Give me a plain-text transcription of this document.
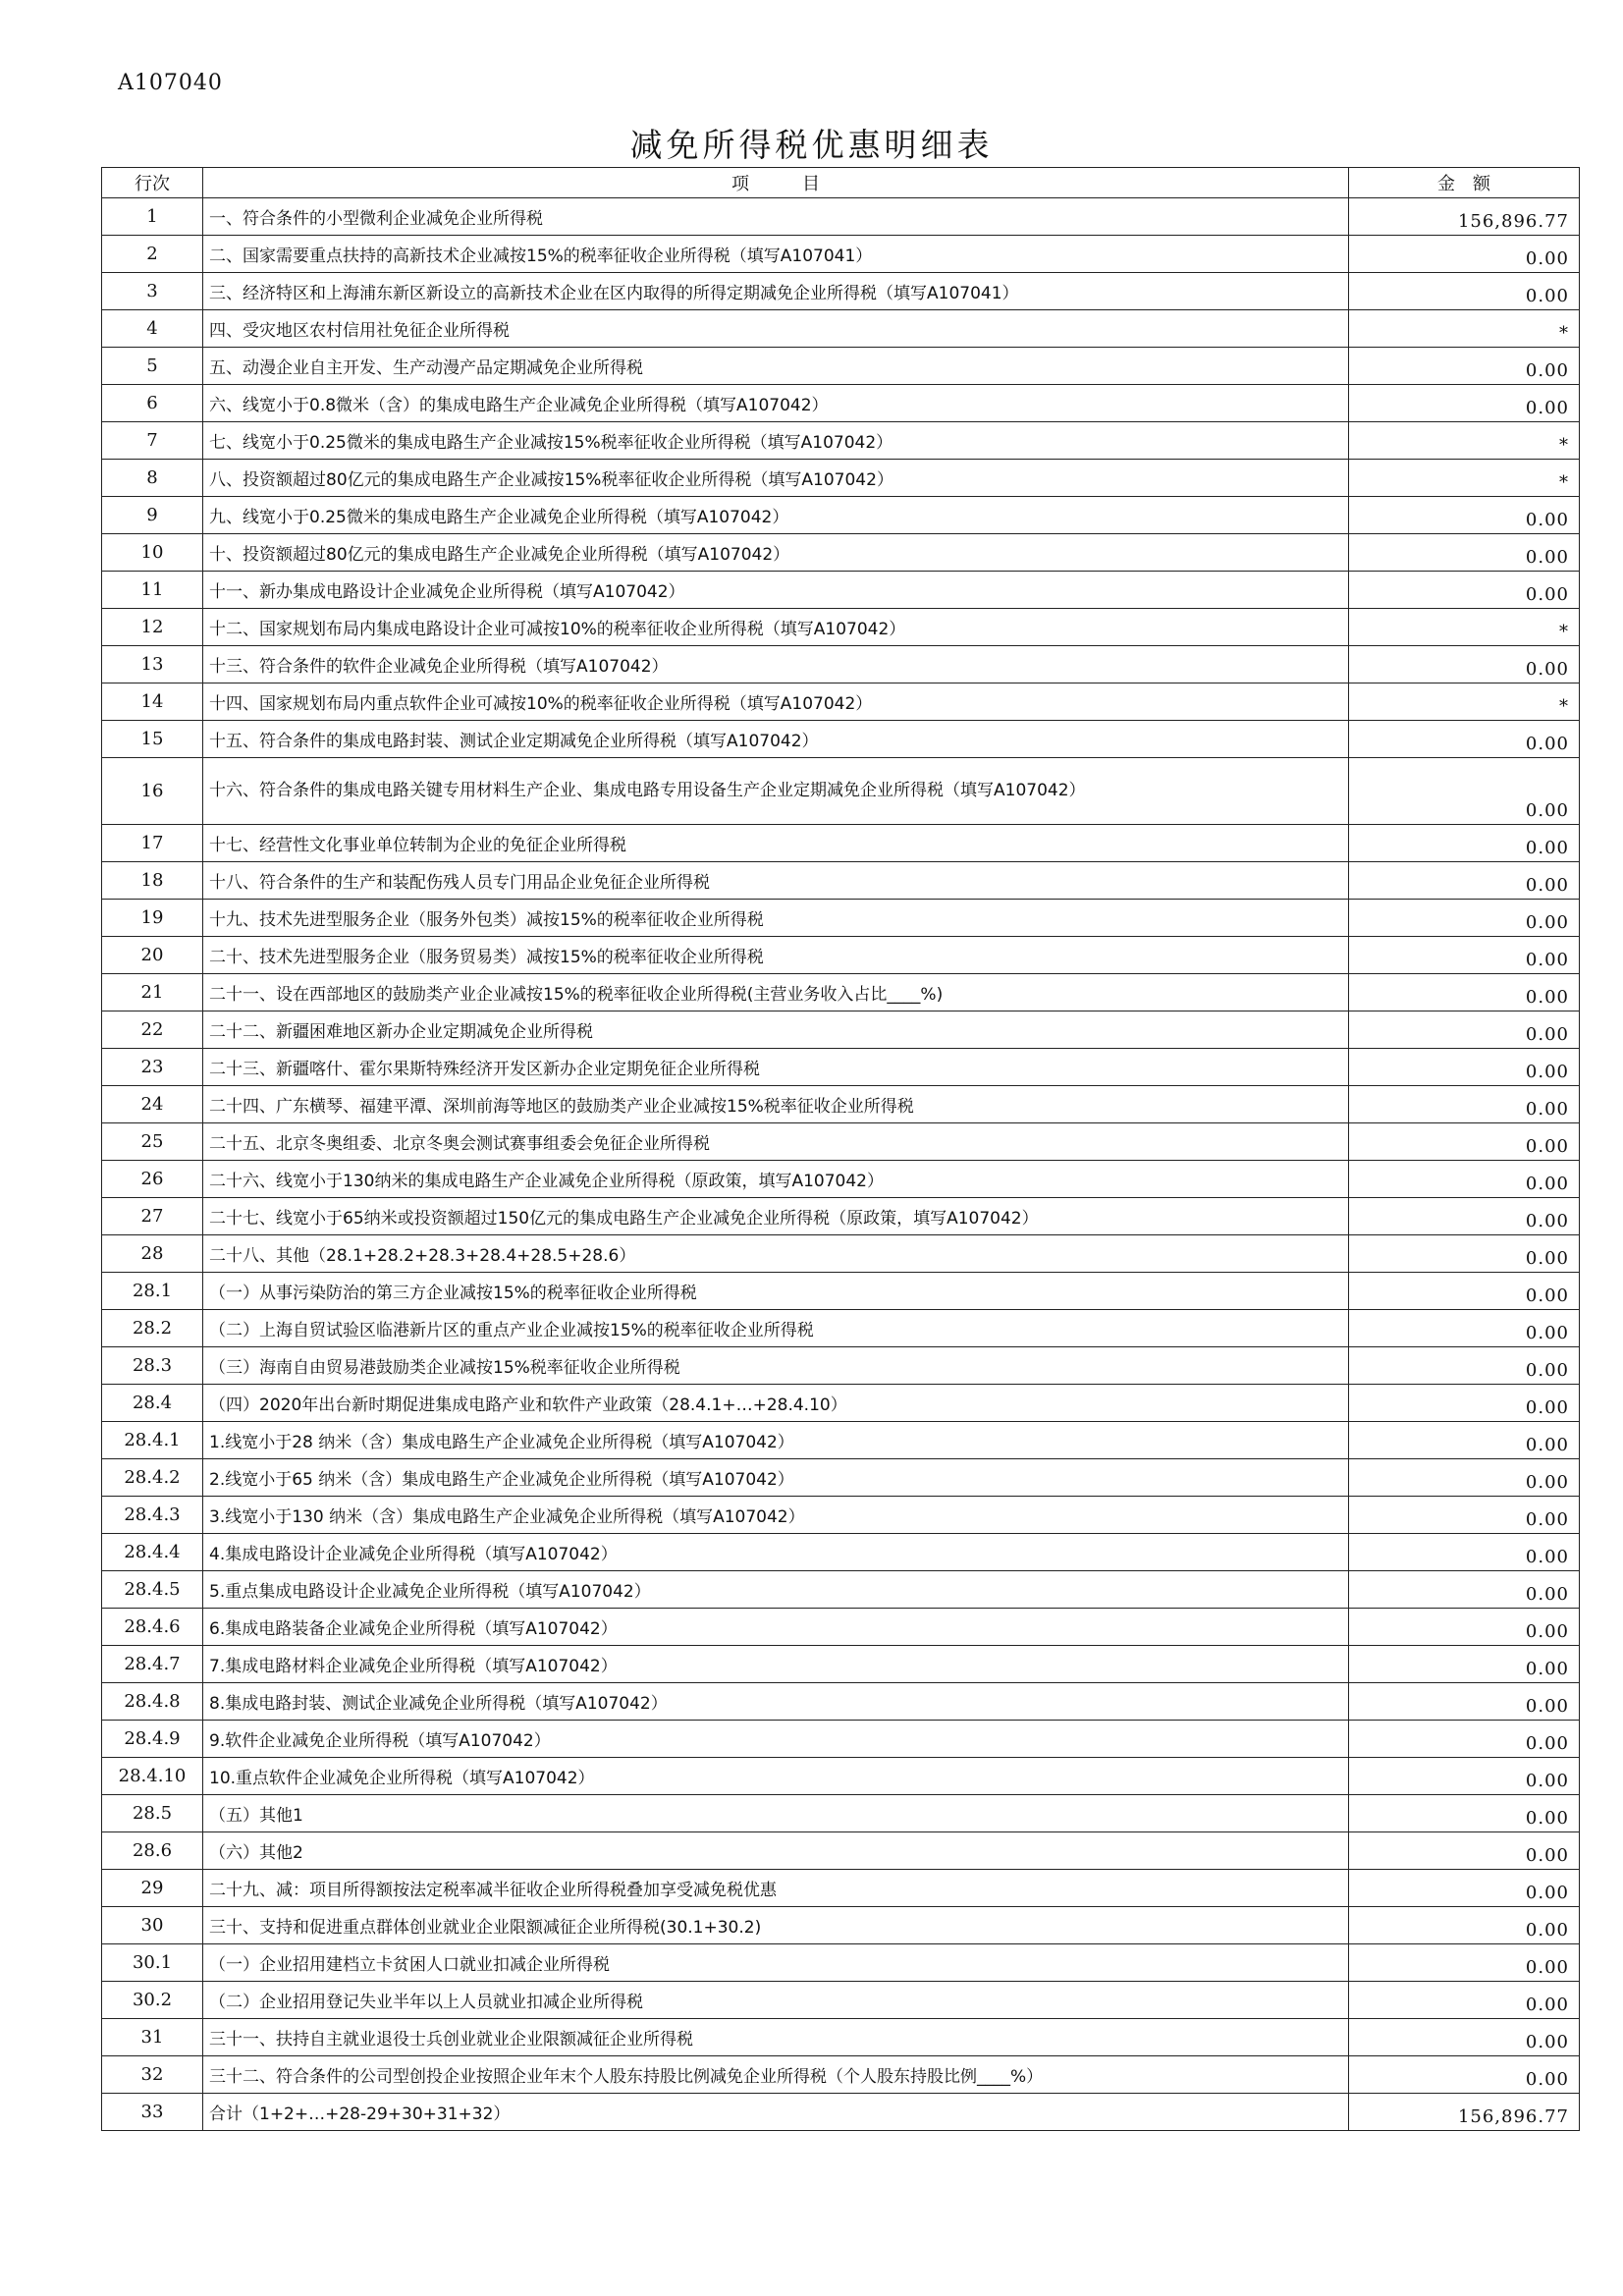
A107040
减免所得税优惠明细表
行次	项　　　目	金　额
1	一、符合条件的小型微利企业减免企业所得税	156,896.77
2	二、国家需要重点扶持的高新技术企业减按15%的税率征收企业所得税（填写A107041）	0.00
3	三、经济特区和上海浦东新区新设立的高新技术企业在区内取得的所得定期减免企业所得税（填写A107041）	0.00
4	四、受灾地区农村信用社免征企业所得税	*
5	五、动漫企业自主开发、生产动漫产品定期减免企业所得税	0.00
6	六、线宽小于0.8微米（含）的集成电路生产企业减免企业所得税（填写A107042）	0.00
7	七、线宽小于0.25微米的集成电路生产企业减按15%税率征收企业所得税（填写A107042）	*
8	八、投资额超过80亿元的集成电路生产企业减按15%税率征收企业所得税（填写A107042）	*
9	九、线宽小于0.25微米的集成电路生产企业减免企业所得税（填写A107042）	0.00
10	十、投资额超过80亿元的集成电路生产企业减免企业所得税（填写A107042）	0.00
11	十一、新办集成电路设计企业减免企业所得税（填写A107042）	0.00
12	十二、国家规划布局内集成电路设计企业可减按10%的税率征收企业所得税（填写A107042）	*
13	十三、符合条件的软件企业减免企业所得税（填写A107042）	0.00
14	十四、国家规划布局内重点软件企业可减按10%的税率征收企业所得税（填写A107042）	*
15	十五、符合条件的集成电路封装、测试企业定期减免企业所得税（填写A107042）	0.00
16	十六、符合条件的集成电路关键专用材料生产企业、集成电路专用设备生产企业定期减免企业所得税（填写A107042）	0.00
17	十七、经营性文化事业单位转制为企业的免征企业所得税	0.00
18	十八、符合条件的生产和装配伤残人员专门用品企业免征企业所得税	0.00
19	十九、技术先进型服务企业（服务外包类）减按15%的税率征收企业所得税	0.00
20	二十、技术先进型服务企业（服务贸易类）减按15%的税率征收企业所得税	0.00
21	二十一、设在西部地区的鼓励类产业企业减按15%的税率征收企业所得税(主营业务收入占比____%)	0.00
22	二十二、新疆困难地区新办企业定期减免企业所得税	0.00
23	二十三、新疆喀什、霍尔果斯特殊经济开发区新办企业定期免征企业所得税	0.00
24	二十四、广东横琴、福建平潭、深圳前海等地区的鼓励类产业企业减按15%税率征收企业所得税	0.00
25	二十五、北京冬奥组委、北京冬奥会测试赛事组委会免征企业所得税	0.00
26	二十六、线宽小于130纳米的集成电路生产企业减免企业所得税（原政策，填写A107042）	0.00
27	二十七、线宽小于65纳米或投资额超过150亿元的集成电路生产企业减免企业所得税（原政策，填写A107042）	0.00
28	二十八、其他（28.1+28.2+28.3+28.4+28.5+28.6）	0.00
28.1	（一）从事污染防治的第三方企业减按15%的税率征收企业所得税	0.00
28.2	（二）上海自贸试验区临港新片区的重点产业企业减按15%的税率征收企业所得税	0.00
28.3	（三）海南自由贸易港鼓励类企业减按15%税率征收企业所得税	0.00
28.4	（四）2020年出台新时期促进集成电路产业和软件产业政策（28.4.1+…+28.4.10）	0.00
28.4.1	1.线宽小于28 纳米（含）集成电路生产企业减免企业所得税（填写A107042）	0.00
28.4.2	2.线宽小于65 纳米（含）集成电路生产企业减免企业所得税（填写A107042）	0.00
28.4.3	3.线宽小于130 纳米（含）集成电路生产企业减免企业所得税（填写A107042）	0.00
28.4.4	4.集成电路设计企业减免企业所得税（填写A107042）	0.00
28.4.5	5.重点集成电路设计企业减免企业所得税（填写A107042）	0.00
28.4.6	6.集成电路装备企业减免企业所得税（填写A107042）	0.00
28.4.7	7.集成电路材料企业减免企业所得税（填写A107042）	0.00
28.4.8	8.集成电路封装、测试企业减免企业所得税（填写A107042）	0.00
28.4.9	9.软件企业减免企业所得税（填写A107042）	0.00
28.4.10	10.重点软件企业减免企业所得税（填写A107042）	0.00
28.5	（五）其他1	0.00
28.6	（六）其他2	0.00
29	二十九、减：项目所得额按法定税率减半征收企业所得税叠加享受减免税优惠	0.00
30	三十、支持和促进重点群体创业就业企业限额减征企业所得税(30.1+30.2)	0.00
30.1	（一）企业招用建档立卡贫困人口就业扣减企业所得税	0.00
30.2	（二）企业招用登记失业半年以上人员就业扣减企业所得税	0.00
31	三十一、扶持自主就业退役士兵创业就业企业限额减征企业所得税	0.00
32	三十二、符合条件的公司型创投企业按照企业年末个人股东持股比例减免企业所得税（个人股东持股比例____%）	0.00
33	合计（1+2+…+28-29+30+31+32）	156,896.77
